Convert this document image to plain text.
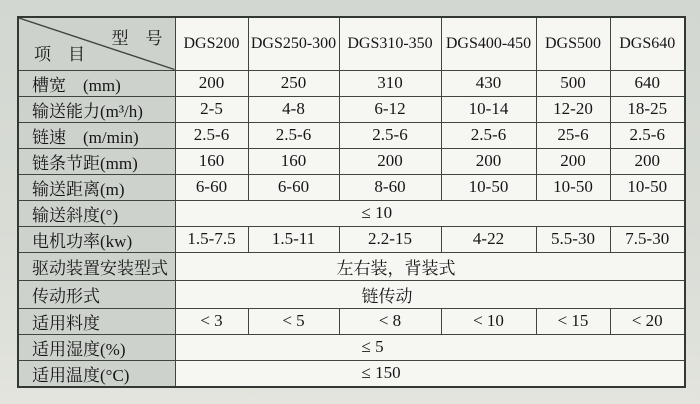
型　号
项　目	DGS200	DGS250-300	DGS310-350	DGS400-450	DGS500	DGS640
槽宽　(mm)	200	250	310	430	500	640
输送能力(m³/h)	2-5	4-8	6-12	10-14	12-20	18-25
链速　(m/min)	2.5-6	2.5-6	2.5-6	2.5-6	25-6	2.5-6
链条节距(mm)	160	160	200	200	200	200
输送距离(m)	6-60	6-60	8-60	10-50	10-50	10-50
输送斜度(°)	≤ 10					
电机功率(kw)	1.5-7.5	1.5-11	2.2-15	4-22	5.5-30	7.5-30
驱动装置安装型式	左右装，背装式					
传动形式	链传动					
适用料度	< 3	< 5	< 8	< 10	< 15	< 20
适用湿度(%)	≤ 5					
适用温度(°C)	≤ 150					
